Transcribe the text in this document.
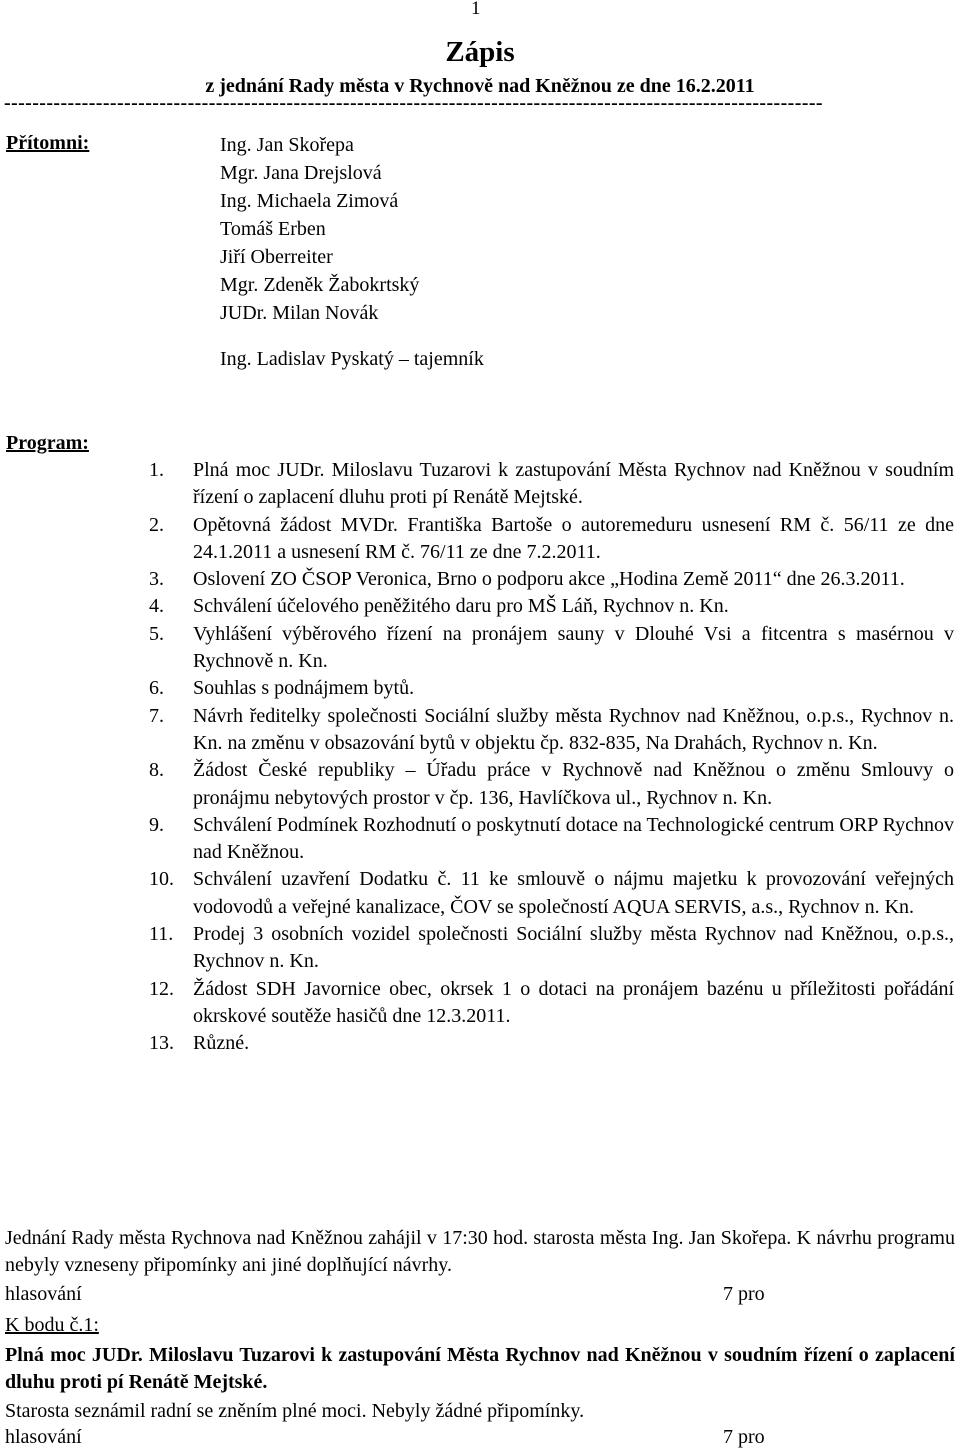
1
Zápis
z jednání Rady města v Rychnově nad Kněžnou ze dne 16.2.2011
--------------------------------------------------------------------------------------------------------------------
Přítomni:	Ing. Jan Skořepa
Mgr. Jana Drejslová
Ing. Michaela Zimová
Tomáš Erben
Jiří Oberreiter
Mgr. Zdeněk Žabokrtský
JUDr. Milan Novák
Ing. Ladislav Pyskatý – tajemník
Program:
1.	Plná moc JUDr. Miloslavu Tuzarovi k zastupování Města Rychnov nad Kněžnou v soudním řízení o zaplacení dluhu proti pí Renátě Mejtské.
2.	Opětovná žádost MVDr. Františka Bartoše o autoremeduru usnesení RM č. 56/11 ze dne 24.1.2011 a usnesení RM č. 76/11 ze dne 7.2.2011.
3.	Oslovení ZO ČSOP Veronica, Brno o podporu akce „Hodina Země 2011“ dne 26.3.2011.
4.	Schválení účelového peněžitého daru pro MŠ Láň, Rychnov n. Kn.
5.	Vyhlášení výběrového řízení na pronájem sauny v Dlouhé Vsi a fitcentra s masérnou v Rychnově n. Kn.
6.	Souhlas s podnájmem bytů.
7.	Návrh ředitelky společnosti Sociální služby města Rychnov nad Kněžnou, o.p.s., Rychnov n. Kn. na změnu v obsazování bytů v objektu čp. 832-835, Na Drahách, Rychnov n. Kn.
8.	Žádost České republiky – Úřadu práce v Rychnově nad Kněžnou o změnu Smlouvy o pronájmu nebytových prostor v čp. 136, Havlíčkova ul., Rychnov n. Kn.
9.	Schválení Podmínek Rozhodnutí o poskytnutí dotace na Technologické centrum ORP Rychnov nad Kněžnou.
10. Schválení uzavření Dodatku č. 11 ke smlouvě o nájmu majetku k provozování veřejných vodovodů a veřejné kanalizace, ČOV se společností AQUA SERVIS, a.s., Rychnov n. Kn.
11. Prodej 3 osobních vozidel společnosti Sociální služby města Rychnov nad Kněžnou, o.p.s., Rychnov n. Kn.
12. Žádost SDH Javornice obec, okrsek 1 o dotaci na pronájem bazénu u příležitosti pořádání okrskové soutěže hasičů dne 12.3.2011.
13. Různé.
Jednání Rady města Rychnova nad Kněžnou zahájil v 17:30 hod. starosta města Ing. Jan Skořepa. K návrhu programu nebyly vzneseny připomínky ani jiné doplňující návrhy.
hlasování	7 pro
K bodu č.1:
Plná moc JUDr. Miloslavu Tuzarovi k zastupování Města Rychnov nad Kněžnou v soudním řízení o zaplacení dluhu proti pí Renátě Mejtské.
Starosta seznámil radní se zněním plné moci. Nebyly žádné připomínky.
hlasování	7 pro
